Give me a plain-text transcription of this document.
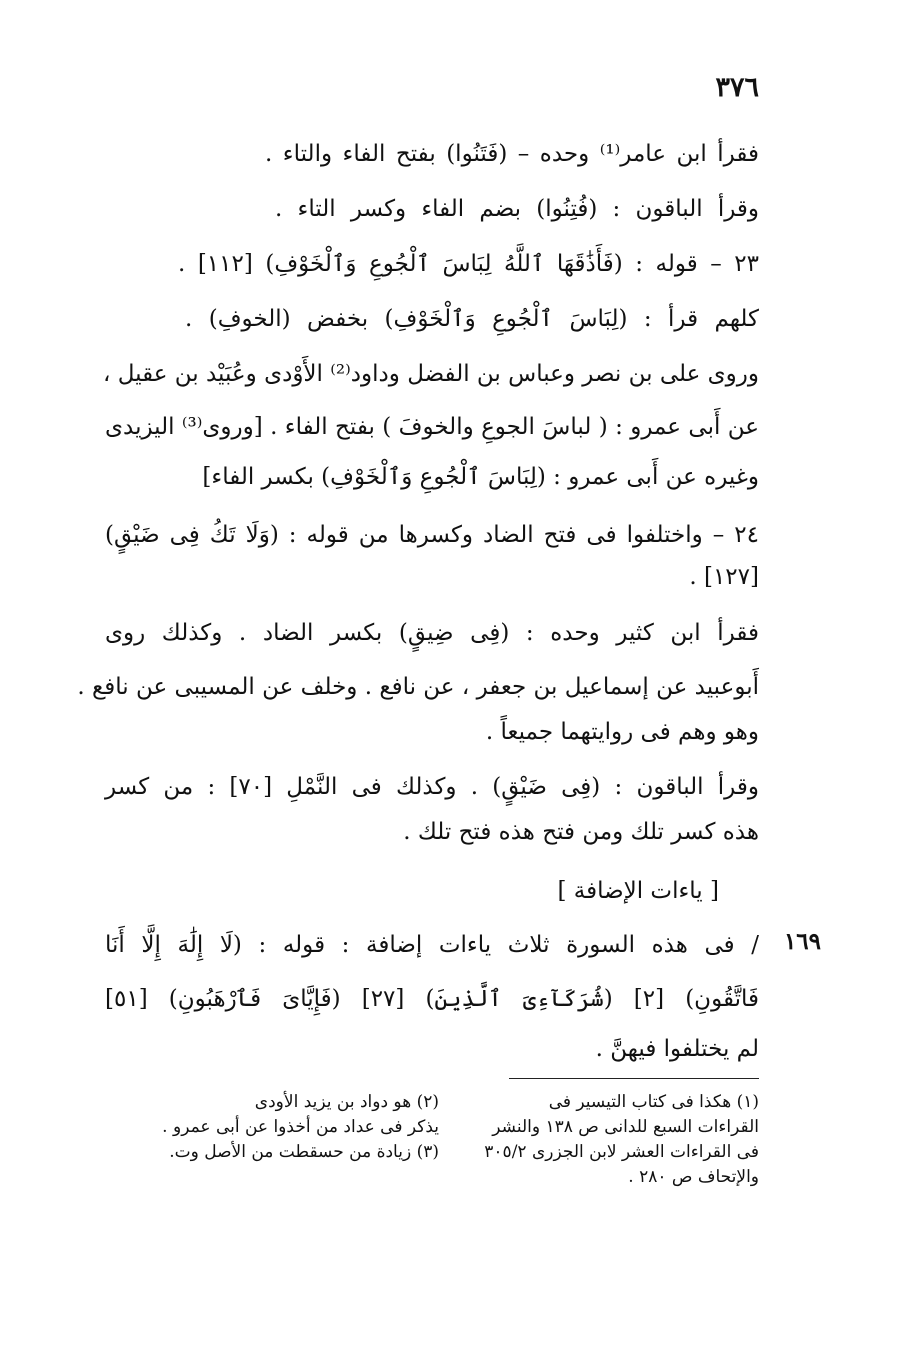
٣٧٦
فقرأ ابن عامر⁽¹⁾ وحده – (فَتَنُوا) بفتح الفاء والتاء .
وقرأ الباقون : (فُتِنُوا) بضم الفاء وكسر التاء .
٢٣ – قوله : (فَأَذَٰقَهَا ٱللَّهُ لِبَاسَ ٱلْجُوعِ وَٱلْخَوْفِ) [١١٢] .
كلهم قرأ : (لِبَاسَ ٱلْجُوعِ وَٱلْخَوْفِ) بخفض (الخوفِ) .
وروى على بن نصر وعباس بن الفضل وداود⁽²⁾ الأَوْدى وعُبَيْد بن عقيل ،
عن أَبى عمرو : ( لباسَ الجوعِ والخوفَ ) بفتح الفاء . [وروى⁽³⁾ اليزيدى
وغيره عن أَبى عمرو : (لِبَاسَ ٱلْجُوعِ وَٱلْخَوْفِ) بكسر الفاء]
٢٤ – واختلفوا فى فتح الضاد وكسرها من قوله : (وَلَا تَكُ فِى ضَيْقٍ)
[١٢٧] .
فقرأ ابن كثير وحده : (فِى ضِيقٍ) بكسر الضاد . وكذلك روى
أَبوعبيد عن إسماعيل بن جعفر ، عن نافع . وخلف عن المسيبى عن نافع .
وهو وهم فى روايتهما جميعاً .
وقرأ الباقون : (فِى ضَيْقٍ) . وكذلك فى النَّمْلِ [٧٠] : من كسر
هذه كسر تلك ومن فتح هذه فتح تلك .
[ ياءات الإضافة ]
/ فى هذه السورة ثلاث ياءات إضافة : قوله : (لَا إِلَٰهَ إِلَّا أَنَا
فَاتَّقُونِ) [٢] (شُرَكَآءِىَ ٱلَّذِينَ) [٢٧] (فَإِيَّاىَ فَٱرْهَبُونِ) [٥١]
لم يختلفوا فيهنَّ .
١٦٩
(١) هكذا فى كتاب التيسير فى
القراءات السبع للدانى ص ١٣٨ والنشر
فى القراءات العشر لابن الجزرى ٣٠٥/٢
والإتحاف ص ٢٨٠ .
(٢) هو دواد بن يزيد الأودى
يذكر فى عداد من أخذوا عن أبى عمرو .
(٣) زيادة من حسقطت من الأصل وت.
